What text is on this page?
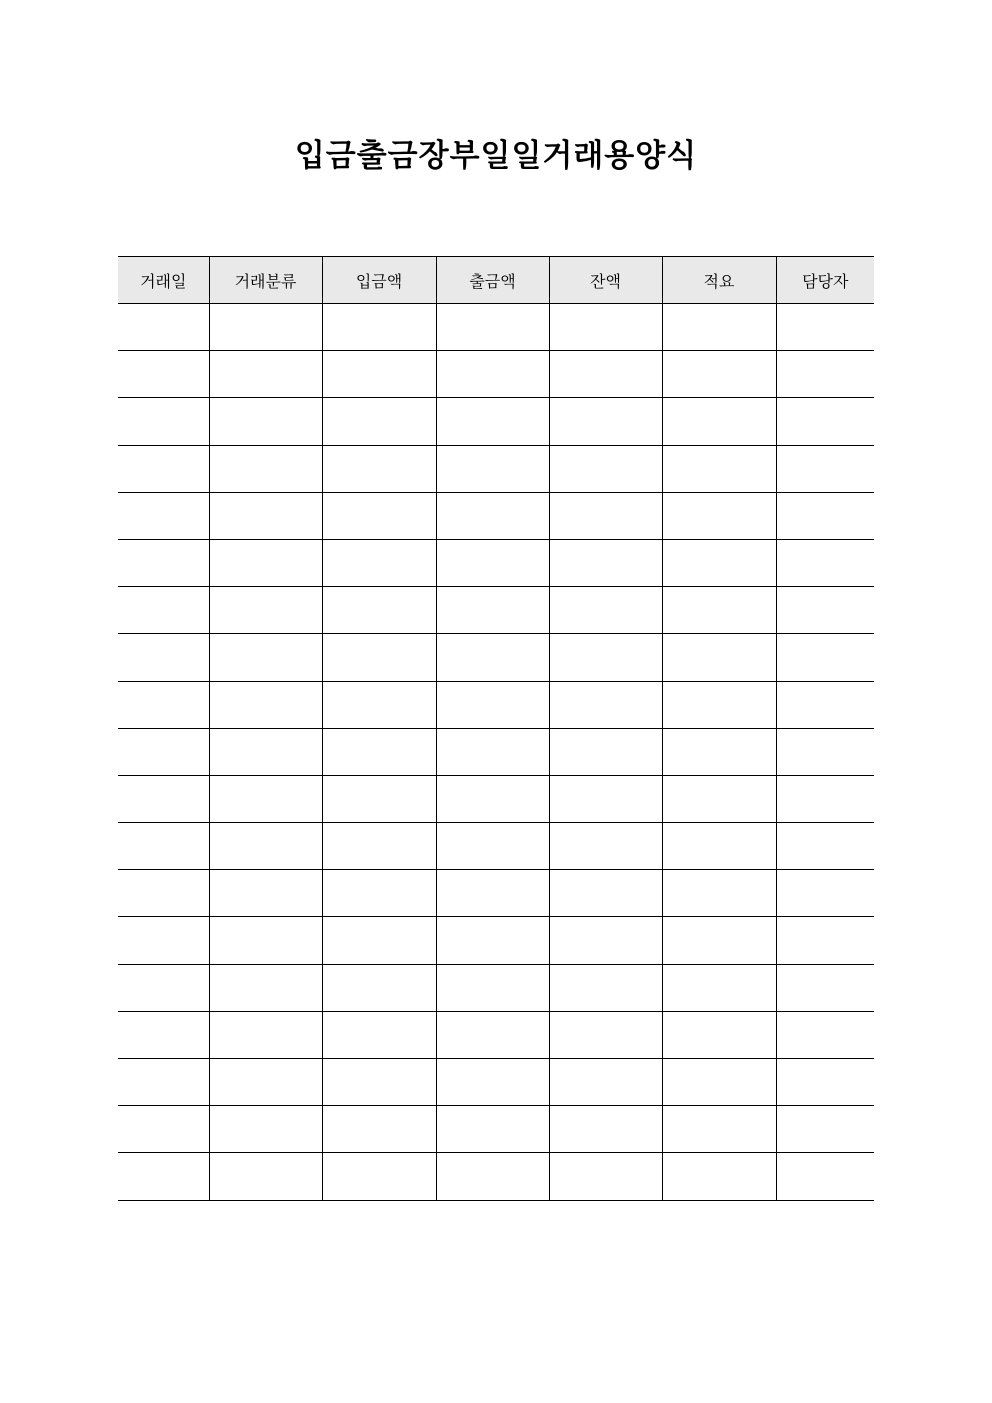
입금출금장부일일거래용양식
거래일	거래분류	입금액	출금액	잔액	적요	담당자
